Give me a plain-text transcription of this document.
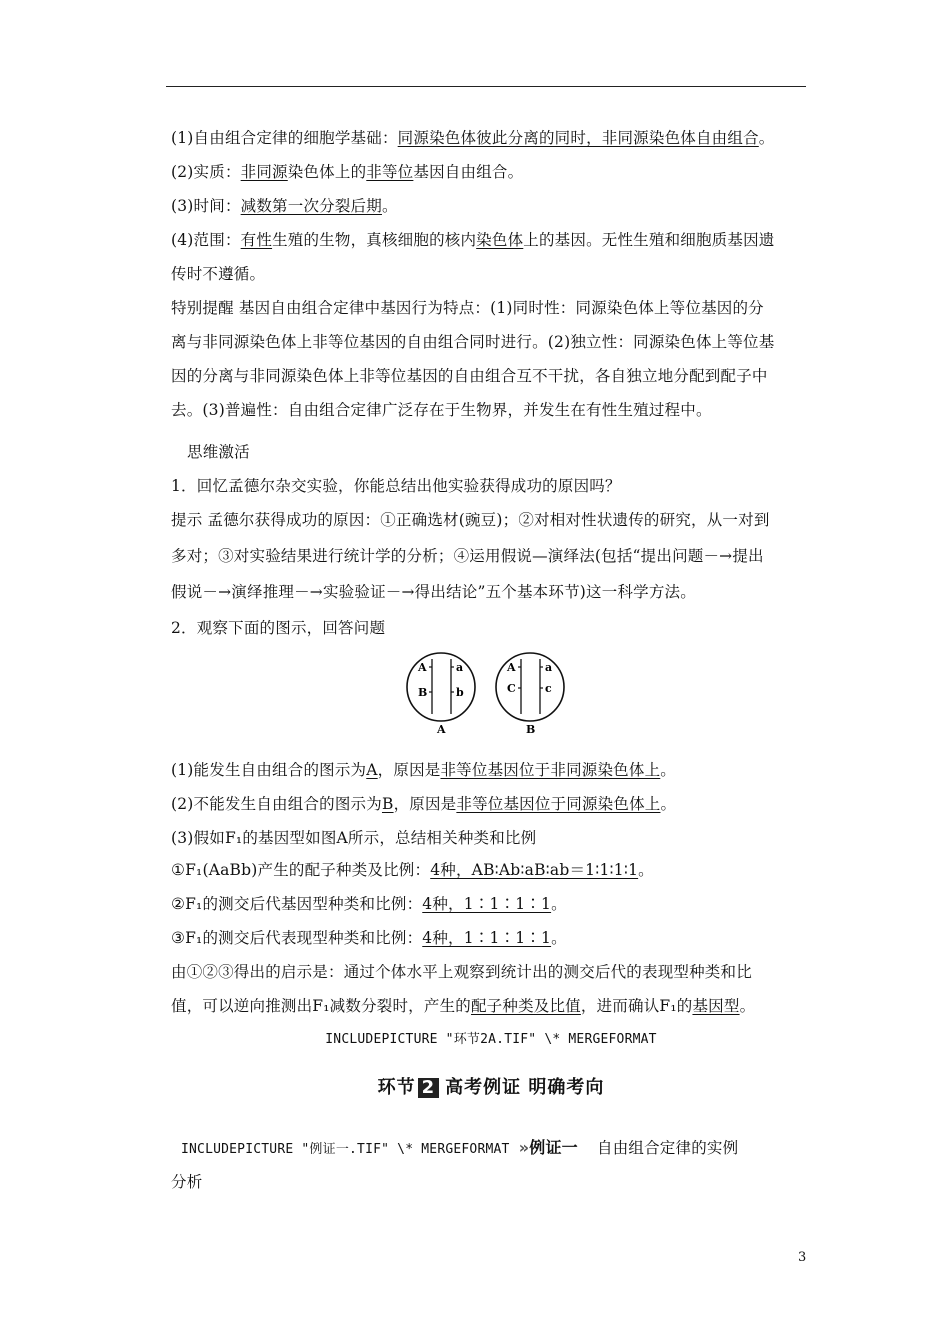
(1)自由组合定律的细胞学基础：同源染色体彼此分离的同时，非同源染色体自由组合。
(2)实质：非同源染色体上的非等位基因自由组合。
(3)时间：减数第一次分裂后期。
(4)范围：有性生殖的生物，真核细胞的核内染色体上的基因。无性生殖和细胞质基因遗
传时不遵循。
特别提醒 基因自由组合定律中基因行为特点：(1)同时性：同源染色体上等位基因的分
离与非同源染色体上非等位基因的自由组合同时进行。(2)独立性：同源染色体上等位基
因的分离与非同源染色体上非等位基因的自由组合互不干扰，各自独立地分配到配子中
去。(3)普遍性：自由组合定律广泛存在于生物界，并发生在有性生殖过程中。
思维激活
1．回忆孟德尔杂交实验，你能总结出他实验获得成功的原因吗？
提示 孟德尔获得成功的原因：①正确选材(豌豆)；②对相对性状遗传的研究，从一对到
多对；③对实验结果进行统计学的分析；④运用假说—演绎法(包括“提出问题－→提出
假说－→演绎推理－→实验验证－→得出结论”五个基本环节)这一科学方法。
2．观察下面的图示，回答问题
A
B
a
b
A
A
C
a
c
B
(1)能发生自由组合的图示为A，原因是非等位基因位于非同源染色体上。
(2)不能发生自由组合的图示为B，原因是非等位基因位于同源染色体上。
(3)假如F₁的基因型如图A所示，总结相关种类和比例
①F₁(AaBb)产生的配子种类及比例：4种，AB∶Ab∶aB∶ab＝1∶1∶1∶1。
②F₁的测交后代基因型种类和比例：4种，1∶1∶1∶1。
③F₁的测交后代表现型种类和比例：4种，1∶1∶1∶1。
由①②③得出的启示是：通过个体水平上观察到统计出的测交后代的表现型种类和比
值，可以逆向推测出F₁减数分裂时，产生的配子种类及比值，进而确认F₁的基因型。
INCLUDEPICTURE "环节2A.TIF" \* MERGEFORMAT
环节 2 高考例证 明确考向
INCLUDEPICTURE "例证一.TIF" \* MERGEFORMAT »例证一 自由组合定律的实例
分析
3
